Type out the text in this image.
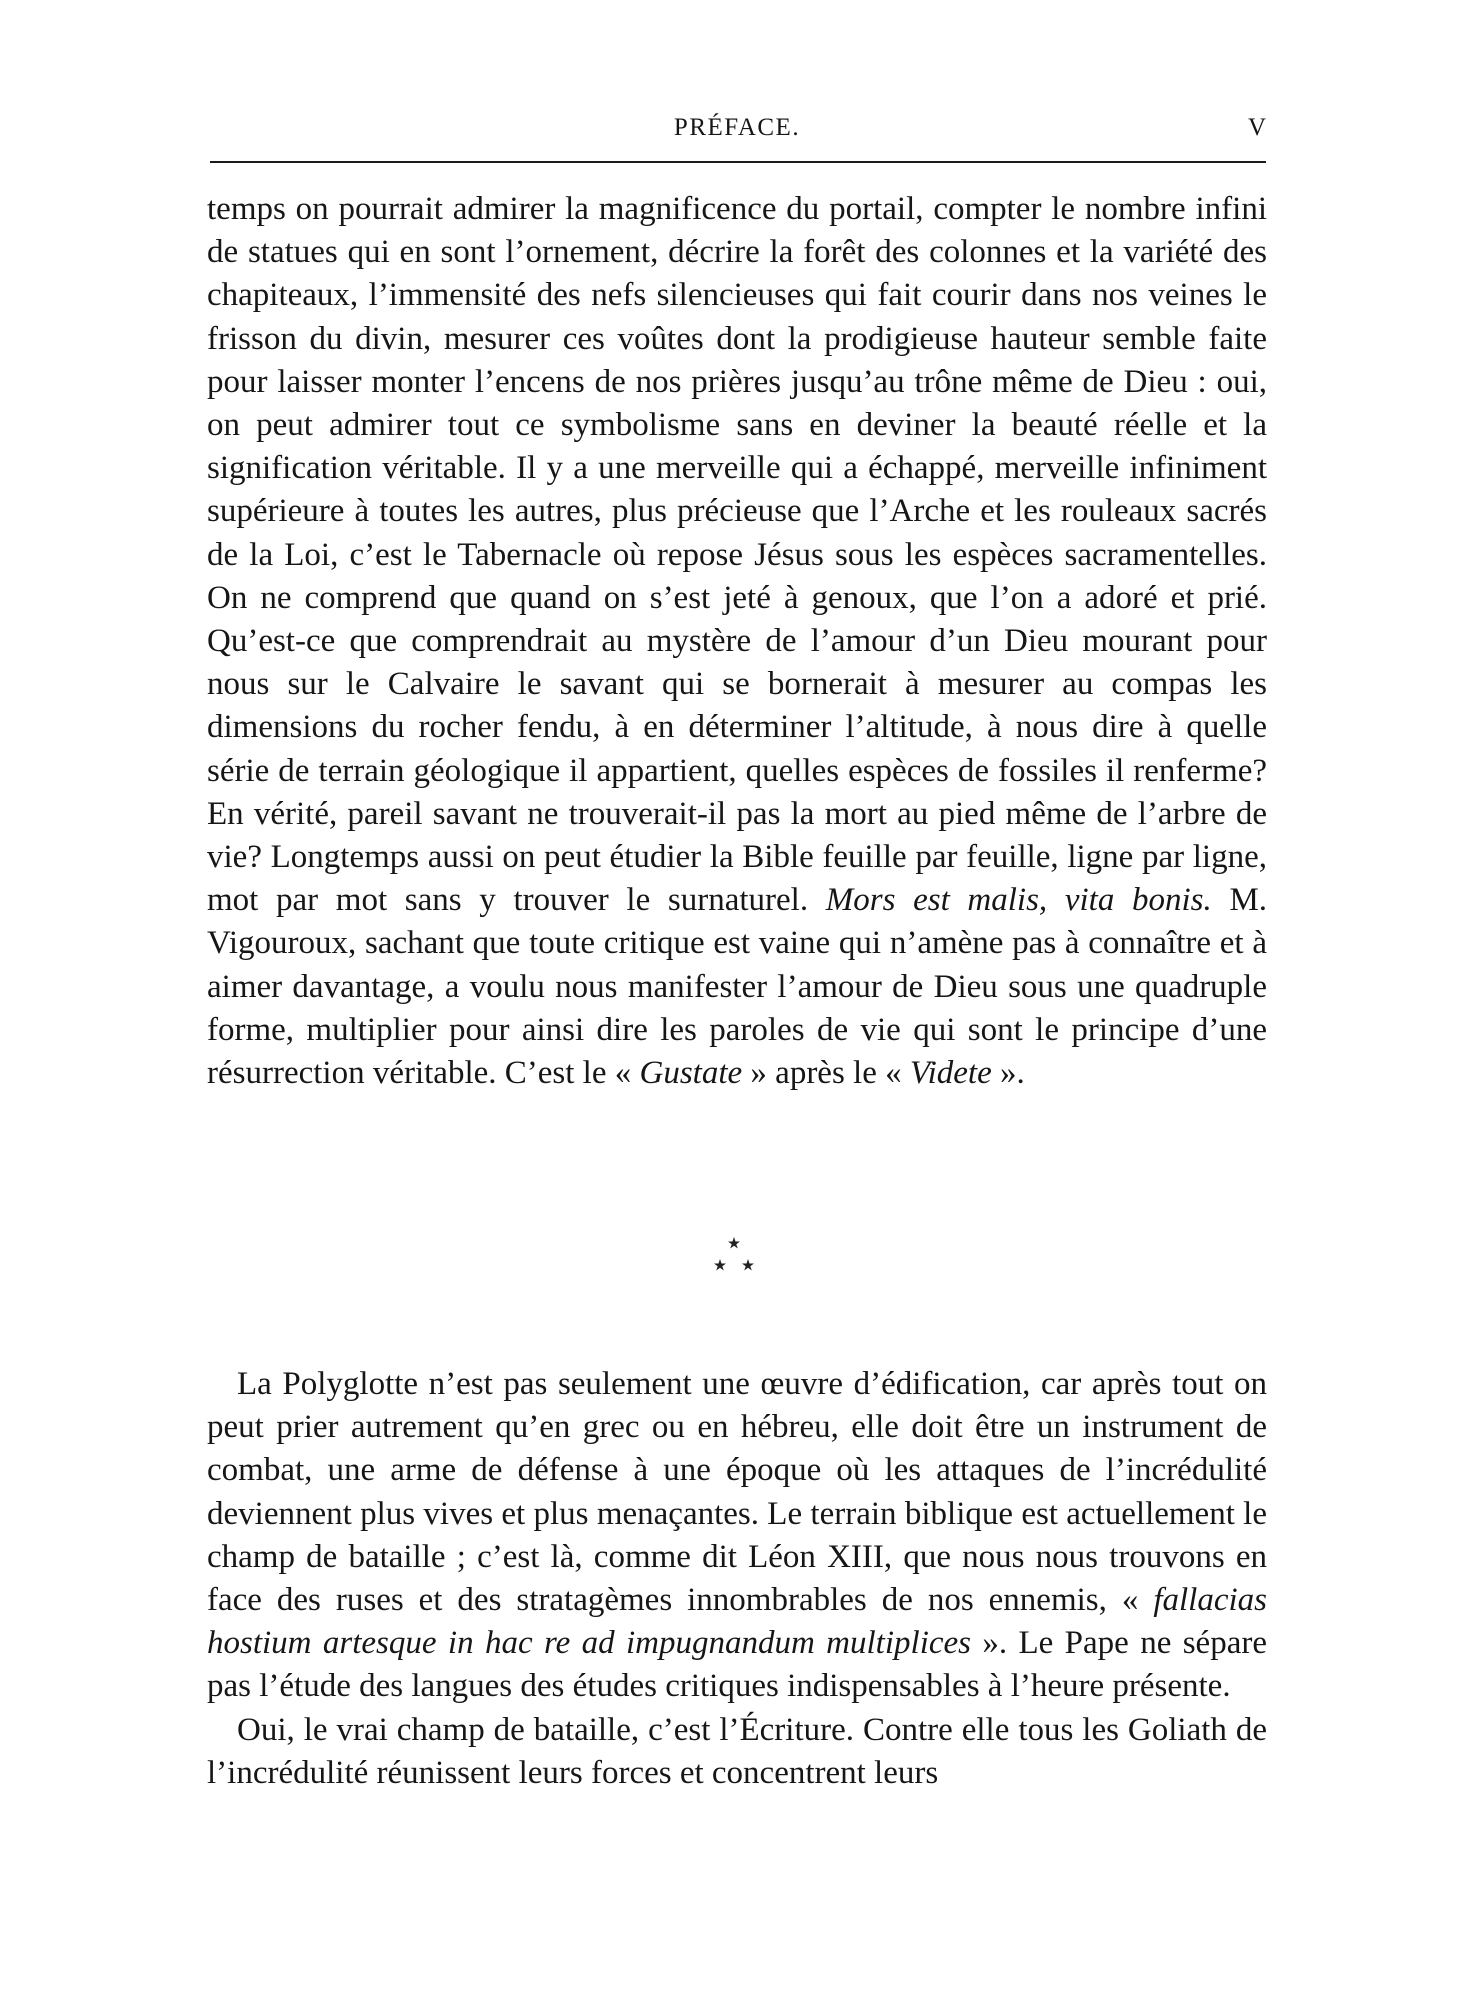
PRÉFACE.	V

temps on pourrait admirer la magnificence du portail, compter le nombre infini de statues qui en sont l’ornement, décrire la forêt des colonnes et la variété des chapiteaux, l’immensité des nefs silencieuses qui fait courir dans nos veines le frisson du divin, mesurer ces voûtes dont la prodigieuse hauteur semble faite pour laisser monter l’encens de nos prières jusqu’au trône même de Dieu : oui, on peut admirer tout ce symbolisme sans en deviner la beauté réelle et la signification véritable. Il y a une merveille qui a échappé, merveille infiniment supérieure à toutes les autres, plus précieuse que l’Arche et les rouleaux sacrés de la Loi, c’est le Tabernacle où repose Jésus sous les espèces sacramentelles. On ne comprend que quand on s’est jeté à genoux, que l’on a adoré et prié. Qu’est-ce que comprendrait au mystère de l’amour d’un Dieu mourant pour nous sur le Calvaire le savant qui se bornerait à mesurer au compas les dimensions du rocher fendu, à en déterminer l’altitude, à nous dire à quelle série de terrain géologique il appartient, quelles espèces de fossiles il renferme? En vérité, pareil savant ne trouverait-il pas la mort au pied même de l’arbre de vie? Longtemps aussi on peut étudier la Bible feuille par feuille, ligne par ligne, mot par mot sans y trouver le surnaturel. Mors est malis, vita bonis. M. Vigouroux, sachant que toute critique est vaine qui n’amène pas à connaître et à aimer davantage, a voulu nous manifester l’amour de Dieu sous une quadruple forme, multiplier pour ainsi dire les paroles de vie qui sont le principe d’une résurrection véritable. C’est le « Gustate » après le « Videte ».

La Polyglotte n’est pas seulement une œuvre d’édification, car après tout on peut prier autrement qu’en grec ou en hébreu, elle doit être un instrument de combat, une arme de défense à une époque où les attaques de l’incrédulité deviennent plus vives et plus menaçantes. Le terrain biblique est actuellement le champ de bataille ; c’est là, comme dit Léon XIII, que nous nous trouvons en face des ruses et des stratagèmes innombrables de nos ennemis, « fallacias hostium artesque in hac re ad impugnandum multiplices ». Le Pape ne sépare pas l’étude des langues des études critiques indispensables à l’heure présente.

Oui, le vrai champ de bataille, c’est l’Écriture. Contre elle tous les Goliath de l’incrédulité réunissent leurs forces et concentrent leurs
